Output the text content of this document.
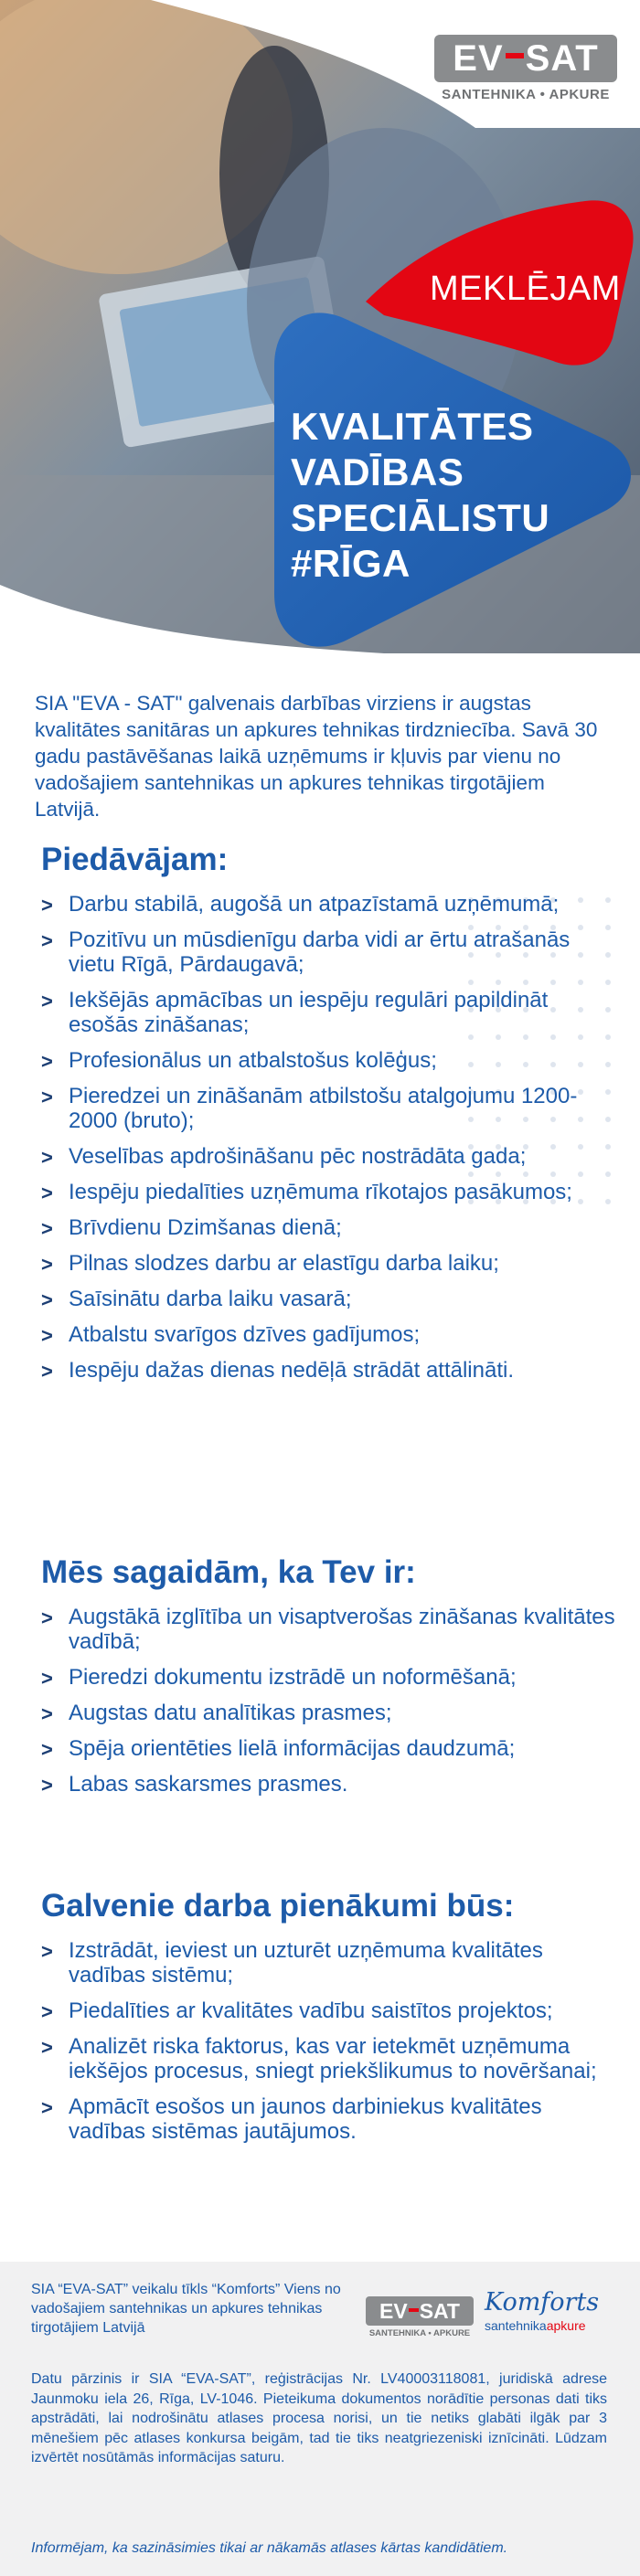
E V SAT
SANTEHNIKA • APKURE
MEKLĒJAM
KVALITĀTES
VADĪBAS
SPECIĀLISTU
#RĪGA

SIA "EVA - SAT" galvenais darbības virziens ir augstas kvalitātes sanitāras un apkures tehnikas tirdzniecība. Savā 30 gadu pastāvēšanas laikā uzņēmums ir kļuvis par vienu no vadošajiem santehnikas un apkures tehnikas tirgotājiem Latvijā.

Piedāvājam:
> Darbu stabilā, augošā un atpazīstamā uzņēmumā;
> Pozitīvu un mūsdienīgu darba vidi ar ērtu atrašanās vietu Rīgā, Pārdaugavā;
> Iekšējās apmācības un iespēju regulāri papildināt esošās zināšanas;
> Profesionālus un atbalstošus kolēģus;
> Pieredzei un zināšanām atbilstošu atalgojumu 1200-2000 (bruto);
> Veselības apdrošināšanu pēc nostrādāta gada;
> Iespēju piedalīties uzņēmuma rīkotajos pasākumos;
> Brīvdienu Dzimšanas dienā;
> Pilnas slodzes darbu ar elastīgu darba laiku;
> Saīsinātu darba laiku vasarā;
> Atbalstu svarīgos dzīves gadījumos;
> Iespēju dažas dienas nedēļā strādāt attālināti.
Mēs sagaidām, ka Tev ir:
> Augstākā izglītība un visaptverošas zināšanas kvalitātes vadībā;
> Pieredzi dokumentu izstrādē un noformēšanā;
> Augstas datu analītikas prasmes;
> Spēja orientēties lielā informācijas daudzumā;
> Labas saskarsmes prasmes.
Galvenie darba pienākumi būs:
> Izstrādāt, ieviest un uzturēt uzņēmuma kvalitātes vadības sistēmu;
> Piedalīties ar kvalitātes vadību saistītos projektos;
> Analizēt riska faktorus, kas var ietekmēt uzņēmuma iekšējos procesus, sniegt priekšlikumus to novēršanai;
> Apmācīt esošos un jaunos darbiniekus kvalitātes vadības sistēmas jautājumos.

SIA “EVA-SAT” veikalu tīkls “Komforts” Viens no vadošajiem santehnikas un apkures tehnikas tirgotājiem Latvijā

E V SAT
SANTEHNIKA • APKURE
Komforts
santehnikaapkure

Datu pārzinis ir SIA “EVA-SAT”, reģistrācijas Nr. LV40003118081, juridiskā adrese Jaunmoku iela 26, Rīga, LV-1046. Pieteikuma dokumentos norādītie personas dati tiks apstrādāti, lai nodrošinātu atlases procesa norisi, un tie netiks glabāti ilgāk par 3 mēnešiem pēc atlases konkursa beigām, tad tie tiks neatgriezeniski iznīcināti. Lūdzam izvērtēt nosūtāmās informācijas saturu.

Informējam, ka sazināsimies tikai ar nākamās atlases kārtas kandidātiem.
